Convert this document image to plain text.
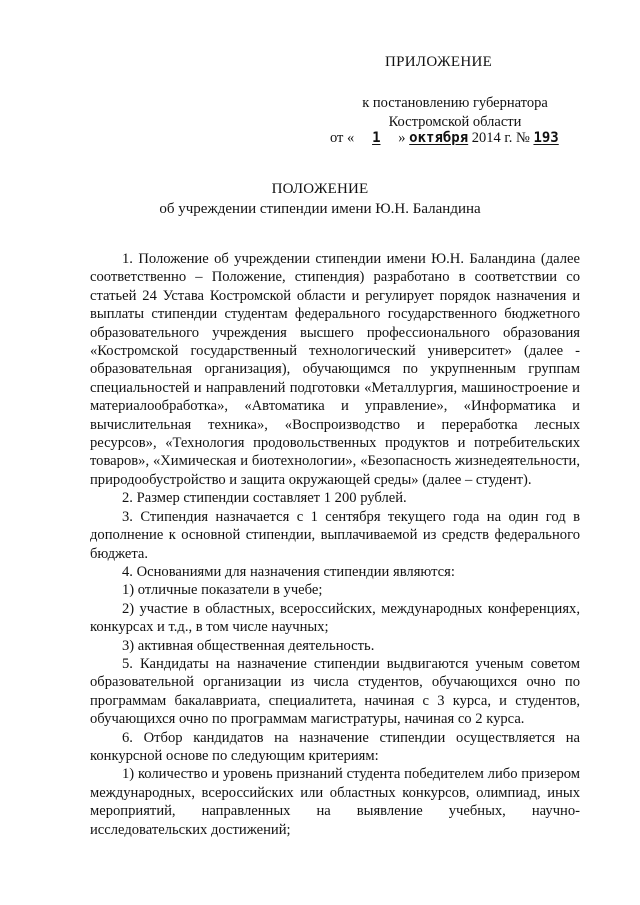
ПРИЛОЖЕНИЕ
к постановлению губернатора
Костромской области
от « 1 » октября 2014 г. № 193
ПОЛОЖЕНИЕ
об учреждении стипендии имени Ю.Н. Баландина

1. Положение об учреждении стипендии имени Ю.Н. Баландина (далее соответственно – Положение, стипендия) разработано в соответствии со статьей 24 Устава Костромской области и регулирует порядок назначения и выплаты стипендии студентам федерального государственного бюджетного образовательного учреждения высшего профессионального образования «Костромской государственный технологический университет» (далее - образовательная организация), обучающимся по укрупненным группам специальностей и направлений подготовки «Металлургия, машиностроение и материалообработка», «Автоматика и управление», «Информатика и вычислительная техника», «Воспроизводство и переработка лесных ресурсов», «Технология продовольственных продуктов и потребительских товаров», «Химическая и биотехнологии», «Безопасность жизнедеятельности, природообустройство и защита окружающей среды» (далее – студент).

2. Размер стипендии составляет 1 200 рублей.

3. Стипендия назначается с 1 сентября текущего года на один год в дополнение к основной стипендии, выплачиваемой из средств федерального бюджета.

4. Основаниями для назначения стипендии являются:

1) отличные показатели в учебе;

2) участие в областных, всероссийских, международных конференциях, конкурсах и т.д., в том числе научных;

3) активная общественная деятельность.

5. Кандидаты на назначение стипендии выдвигаются ученым советом образовательной организации из числа студентов, обучающихся очно по программам бакалавриата, специалитета, начиная с 3 курса, и студентов, обучающихся очно по программам магистратуры, начиная со 2 курса.

6. Отбор кандидатов на назначение стипендии осуществляется на конкурсной основе по следующим критериям:

1) количество и уровень признаний студента победителем либо призером международных, всероссийских или областных конкурсов, олимпиад, иных мероприятий, направленных на выявление учебных, научно-исследовательских достижений;
